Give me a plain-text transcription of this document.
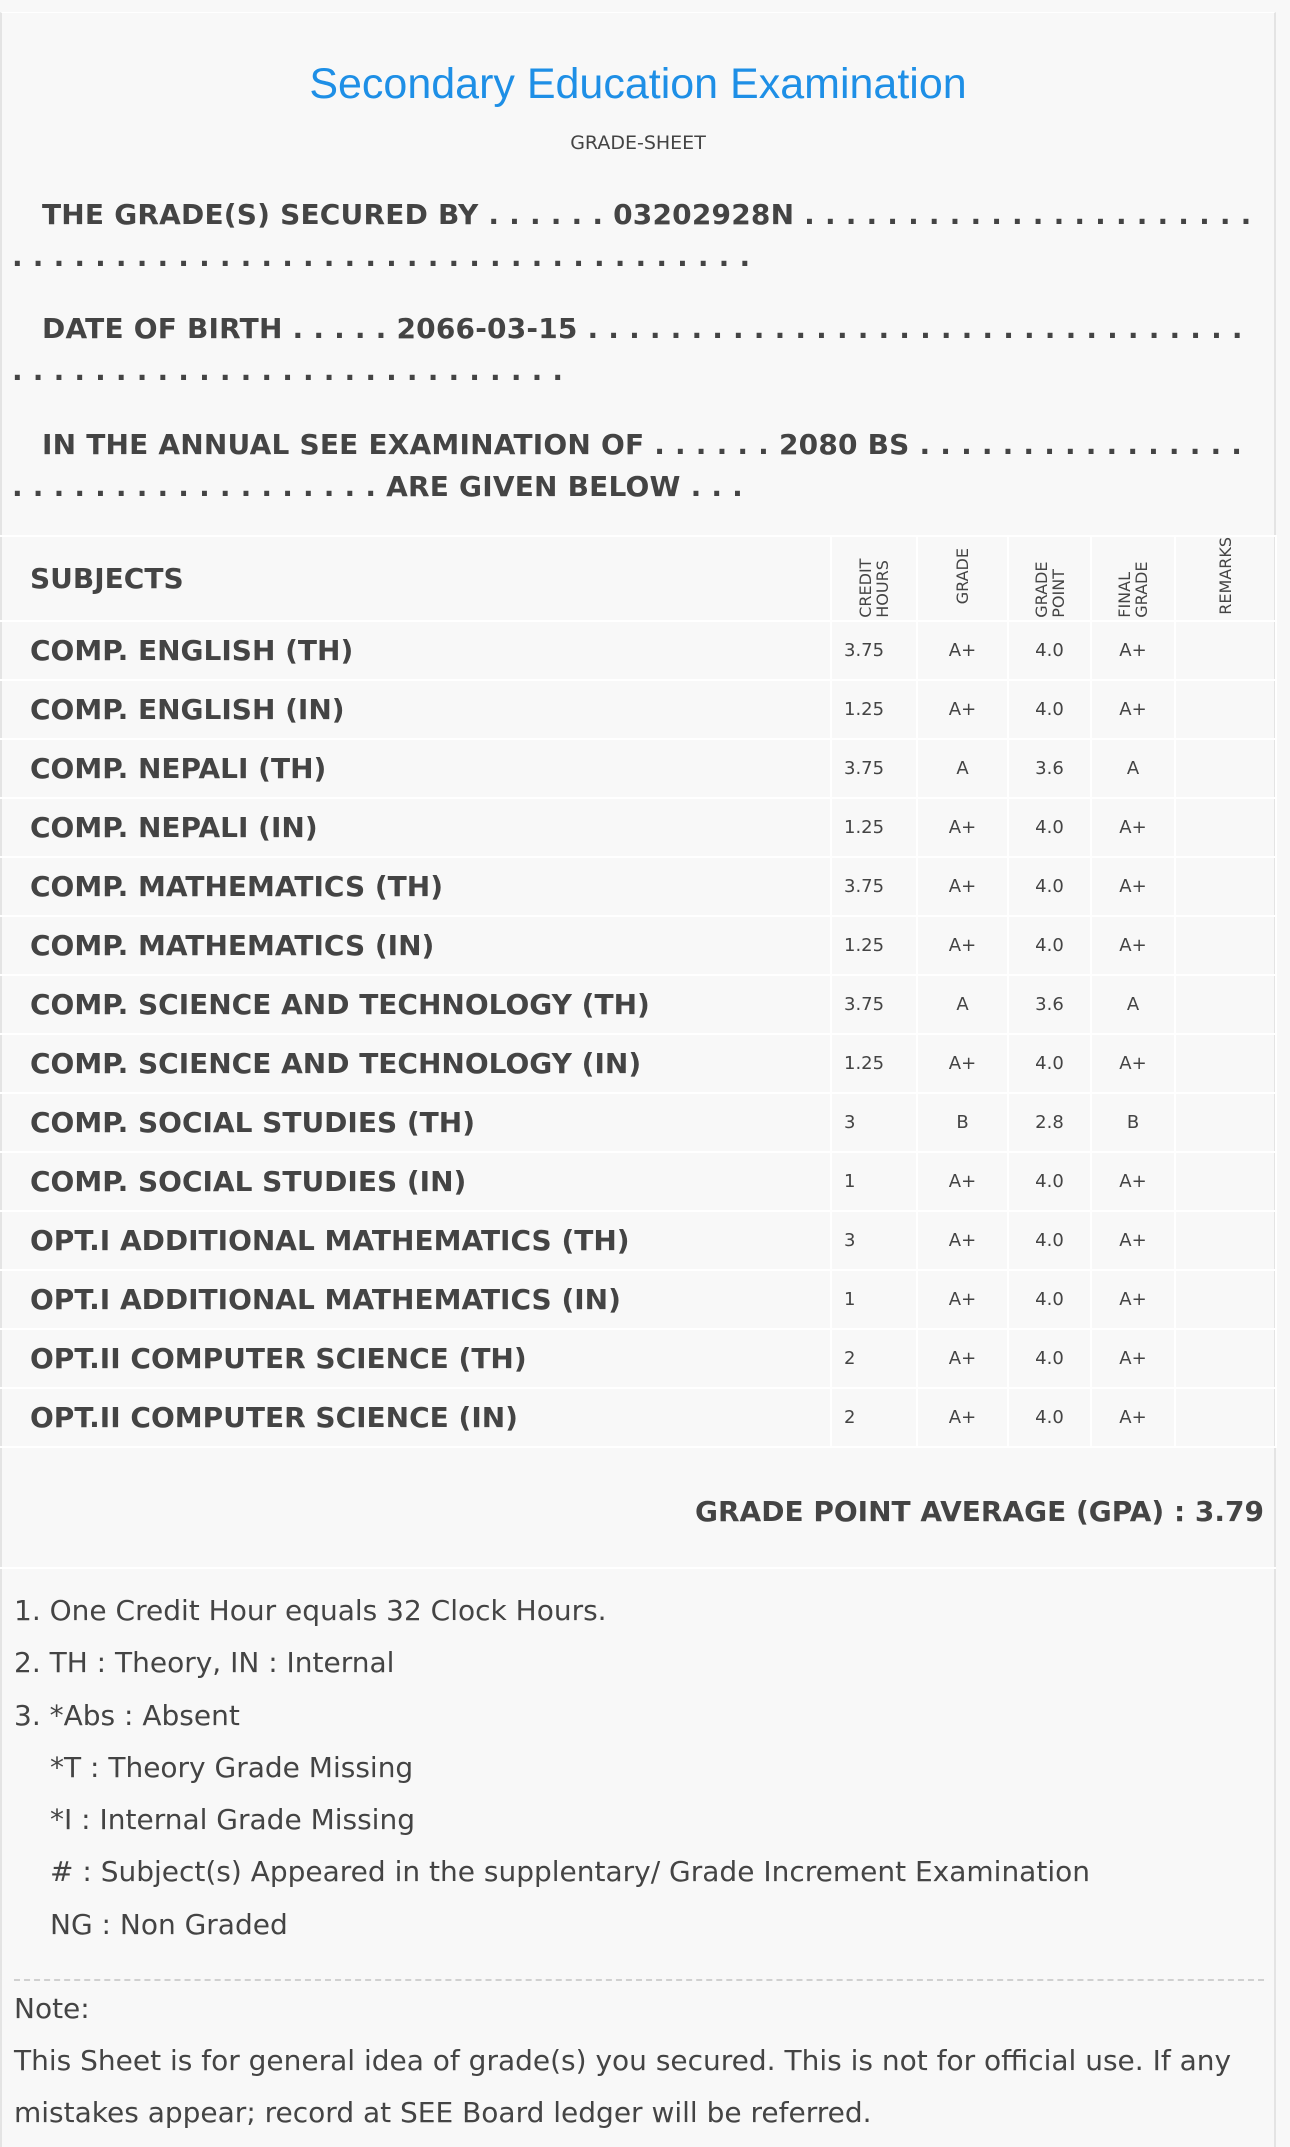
Secondary Education Examination
GRADE-SHEET
THE GRADE(S) SECURED BY . . . . . . 03202928N . . . . . . . . . . . . . . . . . . . . . . . . . . . . . . . . . . . . . . . . . . . . . . . . . . . . . . . . . .
DATE OF BIRTH . . . . . 2066-03-15 . . . . . . . . . . . . . . . . . . . . . . . . . . . . . . . . . . . . . . . . . . . . . . . . . . . . . . . . . . .
IN THE ANNUAL SEE EXAMINATION OF . . . . . . 2080 BS . . . . . . . . . . . . . . . . . . . . . . . . . . . . . . . . . . ARE GIVEN BELOW . . .
SUBJECTS	CREDIT HOURS	GRADE	GRADE POINT	FINAL GRADE	REMARKS
COMP. ENGLISH (TH)	3.75	A+	4.0	A+	
COMP. ENGLISH (IN)	1.25	A+	4.0	A+	
COMP. NEPALI (TH)	3.75	A	3.6	A	
COMP. NEPALI (IN)	1.25	A+	4.0	A+	
COMP. MATHEMATICS (TH)	3.75	A+	4.0	A+	
COMP. MATHEMATICS (IN)	1.25	A+	4.0	A+	
COMP. SCIENCE AND TECHNOLOGY (TH)	3.75	A	3.6	A	
COMP. SCIENCE AND TECHNOLOGY (IN)	1.25	A+	4.0	A+	
COMP. SOCIAL STUDIES (TH)	3	B	2.8	B	
COMP. SOCIAL STUDIES (IN)	1	A+	4.0	A+	
OPT.I ADDITIONAL MATHEMATICS (TH)	3	A+	4.0	A+	
OPT.I ADDITIONAL MATHEMATICS (IN)	1	A+	4.0	A+	
OPT.II COMPUTER SCIENCE (TH)	2	A+	4.0	A+	
OPT.II COMPUTER SCIENCE (IN)	2	A+	4.0	A+	
GRADE POINT AVERAGE (GPA) : 3.79
1. One Credit Hour equals 32 Clock Hours.
2. TH : Theory, IN : Internal
3. *Abs : Absent
*T : Theory Grade Missing
*I : Internal Grade Missing
# : Subject(s) Appeared in the supplentary/ Grade Increment Examination
NG : Non Graded
Note:
This Sheet is for general idea of grade(s) you secured. This is not for official use. If any mistakes appear; record at SEE Board ledger will be referred.
